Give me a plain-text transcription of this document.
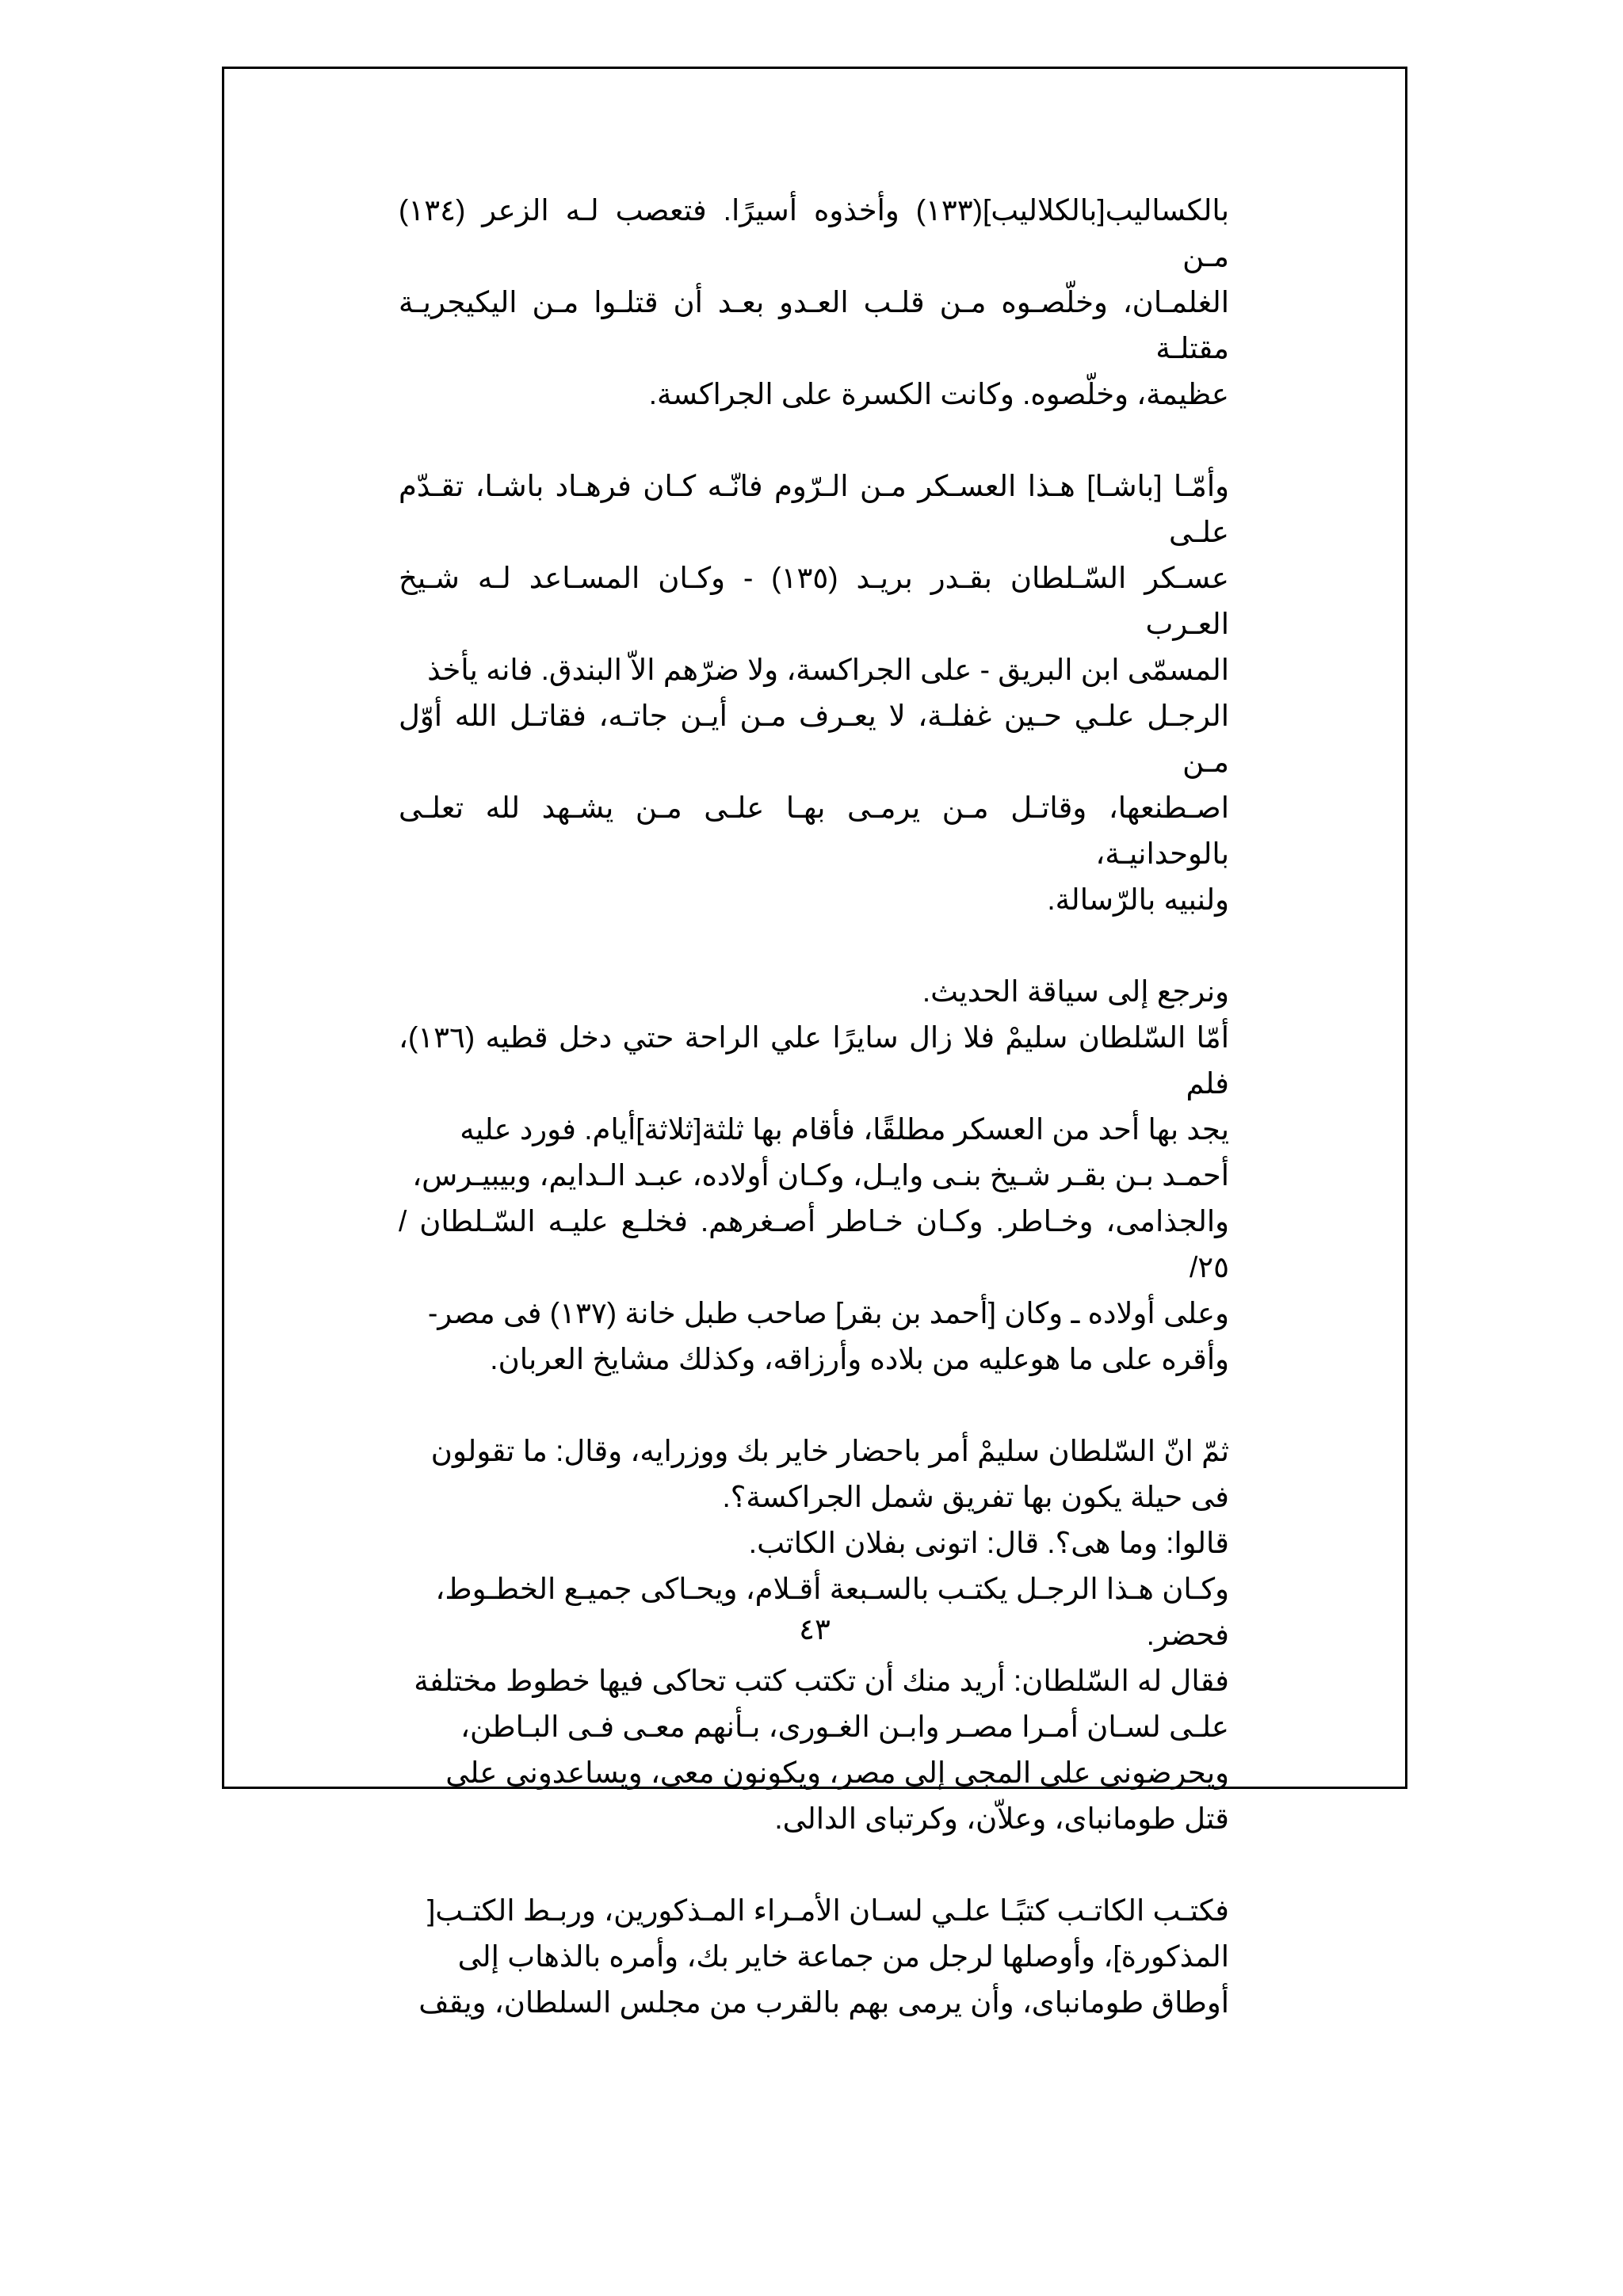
بالكساليب[بالكلاليب](١٣٣) وأخذوه أسيرًا. فتعصب لـه الزعر (١٣٤) مـن
الغلمـان، وخلّصـوه مـن قلـب العـدو بعـد أن قتلـوا مـن اليكيجريـة مقتلـة
عظيمة، وخلّصوه. وكانت الكسرة على الجراكسة.
وأمّـا [باشـا] هـذا العسـكر مـن الـرّوم فانّـه كـان فرهـاد باشـا، تقـدّم علـى
عسـكر السّـلطان بقـدر بريـد (١٣٥) - وكـان المسـاعد لـه شـيخ العـرب
المسمّى ابن البريق - على الجراكسة، ولا ضرّهم الاّ البندق. فانه يأخذ
الرجـل علـي حـين غفلـة، لا يعـرف مـن أيـن جاتـه، فقاتـل الله أوّل مـن
اصـطنعها، وقاتـل مـن يرمـى بهـا علـى مـن يشـهد لله تعلـى بالوحدانيـة،
ولنبيه بالرّسالة.
ونرجع إلى سياقة الحديث.
أمّا السّلطان سليمْ فلا زال سايرًا علي الراحة حتي دخل قطيه (١٣٦)، فلم
يجد بها أحد من العسكر مطلقًا، فأقام بها ثلثة[ثلاثة]أيام. فورد عليه
أحمـد بـن بقـر شـيخ بنـى وايـل، وكـان أولاده، عبـد الـدايم، وبيبيـرس،
والجذامى، وخـاطر. وكـان خـاطر أصـغرهم. فخلـع عليـه السّـلطان /٢٥/
وعلى أولاده ـ وكان [أحمد بن بقر] صاحب طبل خانة (١٣٧) فى مصر-
وأقره على ما هوعليه من بلاده وأرزاقه، وكذلك مشايخ العربان.
ثمّ انّ السّلطان سليمْ أمر باحضار خاير بك ووزرايه، وقال: ما تقولون
فى حيلة يكون بها تفريق شمل الجراكسة؟.
قالوا: وما هى؟. قال: اتونى بفلان الكاتب.
وكـان هـذا الرجـل يكتـب بالسـبعة أقـلام، ويحـاكى جميـع الخطـوط،
فحضر.
فقال له السّلطان: أريد منك أن تكتب كتب تحاكى فيها خطوط مختلفة
علـى لسـان أمـرا مصـر وابـن الغـورى، بـأنهم معـى فـى البـاطن،
ويحرضونى على المجى إلى مصر، ويكونون معى، ويساعدونى على
قتل طومانباى، وعلاّن، وكرتباى الدالى.
فكتـب الكاتـب كتبًـا علـي لسـان الأمـراء المـذكورين، وربـط الكتـب[
المذكورة]، وأوصلها لرجل من جماعة خاير بك، وأمره بالذهاب إلى
أوطاق طومانباى، وأن يرمى بهم بالقرب من مجلس السلطان، ويقف
٤٣
